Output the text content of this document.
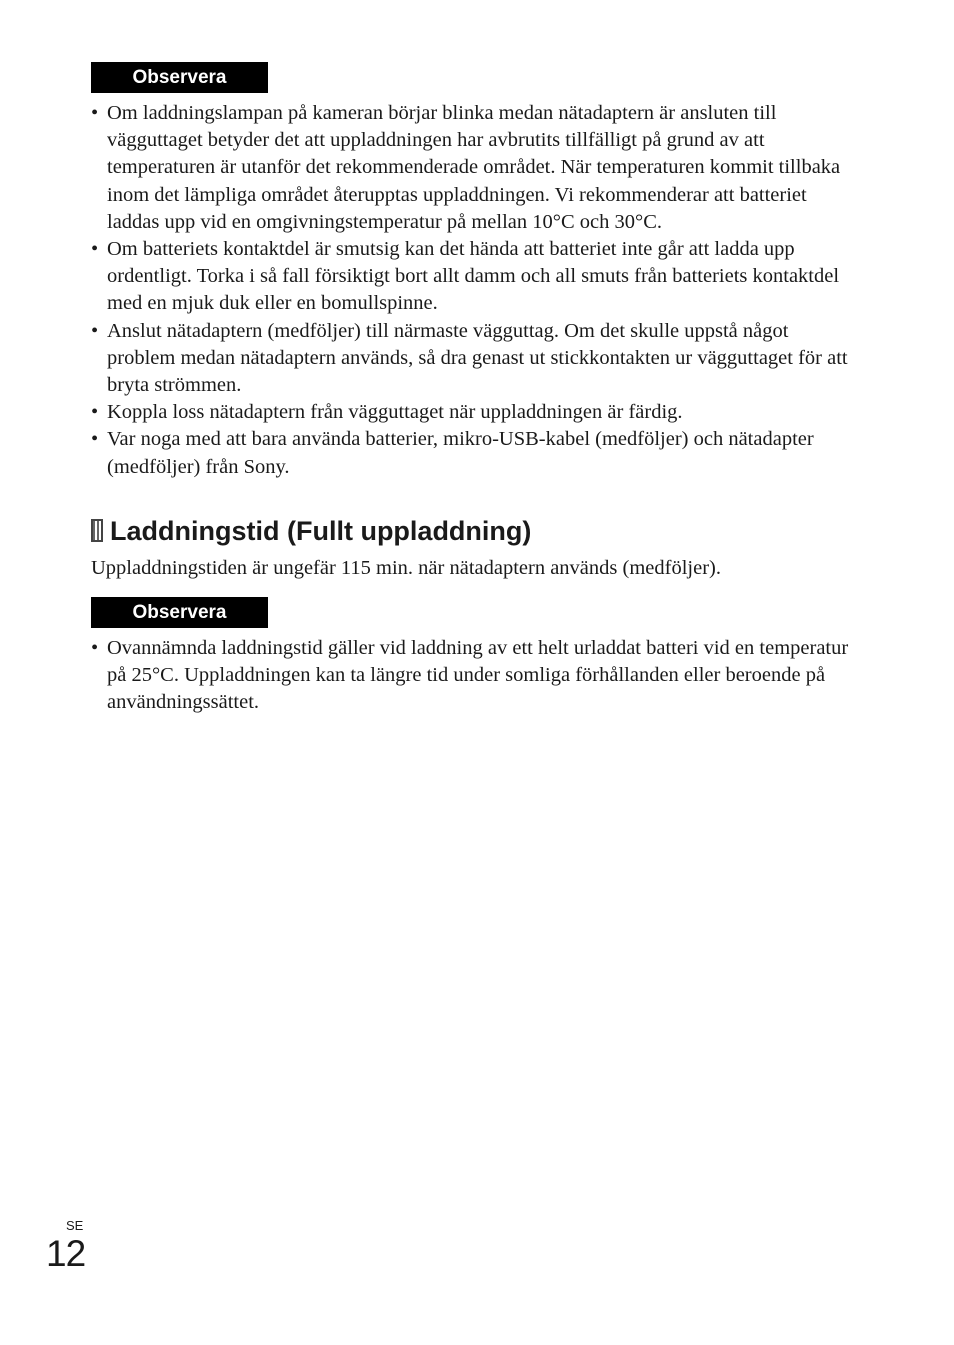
Observera
• Om laddningslampan på kameran börjar blinka medan nätadaptern är ansluten till vägguttaget betyder det att uppladdningen har avbrutits tillfälligt på grund av att temperaturen är utanför det rekommenderade området. När temperaturen kommit tillbaka inom det lämpliga området återupptas uppladdningen. Vi rekommenderar att batteriet laddas upp vid en omgivningstemperatur på mellan 10°C och 30°C.
• Om batteriets kontaktdel är smutsig kan det hända att batteriet inte går att ladda upp ordentligt. Torka i så fall försiktigt bort allt damm och all smuts från batteriets kontaktdel med en mjuk duk eller en bomullspinne.
• Anslut nätadaptern (medföljer) till närmaste vägguttag. Om det skulle uppstå något problem medan nätadaptern används, så dra genast ut stickkontakten ur vägguttaget för att bryta strömmen.
• Koppla loss nätadaptern från vägguttaget när uppladdningen är färdig.
• Var noga med att bara använda batterier, mikro-USB-kabel (medföljer) och nätadapter (medföljer) från Sony.
Laddningstid (Fullt uppladdning)
Uppladdningstiden är ungefär 115 min. när nätadaptern används (medföljer).
Observera
• Ovannämnda laddningstid gäller vid laddning av ett helt urladdat batteri vid en temperatur på 25°C. Uppladdningen kan ta längre tid under somliga förhållanden eller beroende på användningssättet.
SE
12
